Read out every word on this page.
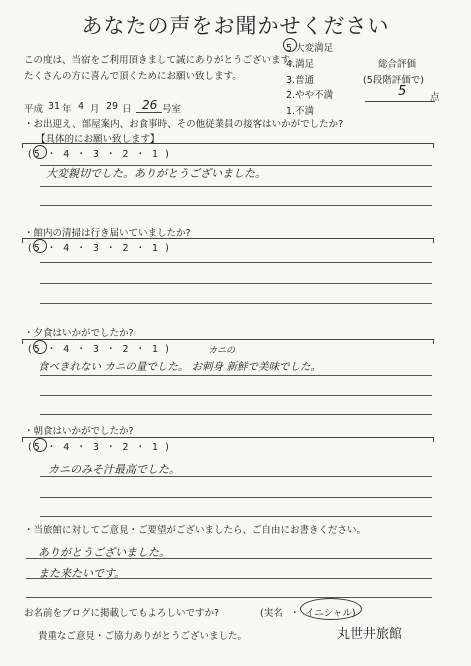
あなたの声をお聞かせください
この度は、当宿をご利用頂きまして誠にありがとうございます。
たくさんの方に喜んで頂くためにお願い致します。
5.大変満足
4.満足
3.普通
2.やや不満
1.不満
総合評価
(5段階評価で)
5 点
平成 31 年 4 月 29 日 26 号室
・お出迎え、部屋案内、お食事時、その他従業員の接客はいかがでしたか?
【具体的にお願い致します】
(5 ・ 4 ・ 3 ・ 2 ・ 1 )
大変親切でした。ありがとうございました。
・館内の清掃は行き届いていましたか?
(5 ・ 4 ・ 3 ・ 2 ・ 1 )
・夕食はいかがでしたか?
(5 ・ 4 ・ 3 ・ 2 ・ 1 )	カニの
食べきれない カニの量でした。 お刺身 新鮮で美味でした。
・朝食はいかがでしたか?
(5 ・ 4 ・ 3 ・ 2 ・ 1 )
カニのみそ汁最高でした。
・当旅館に対してご意見・ご要望がございましたら、ご自由にお書きください。
ありがとうございました。
また来たいです。
お名前をブログに掲載してもよろしいですか?	(実名 ・ イニシャル)
貴重なご意見・ご協力ありがとうございました。	丸世井旅館
